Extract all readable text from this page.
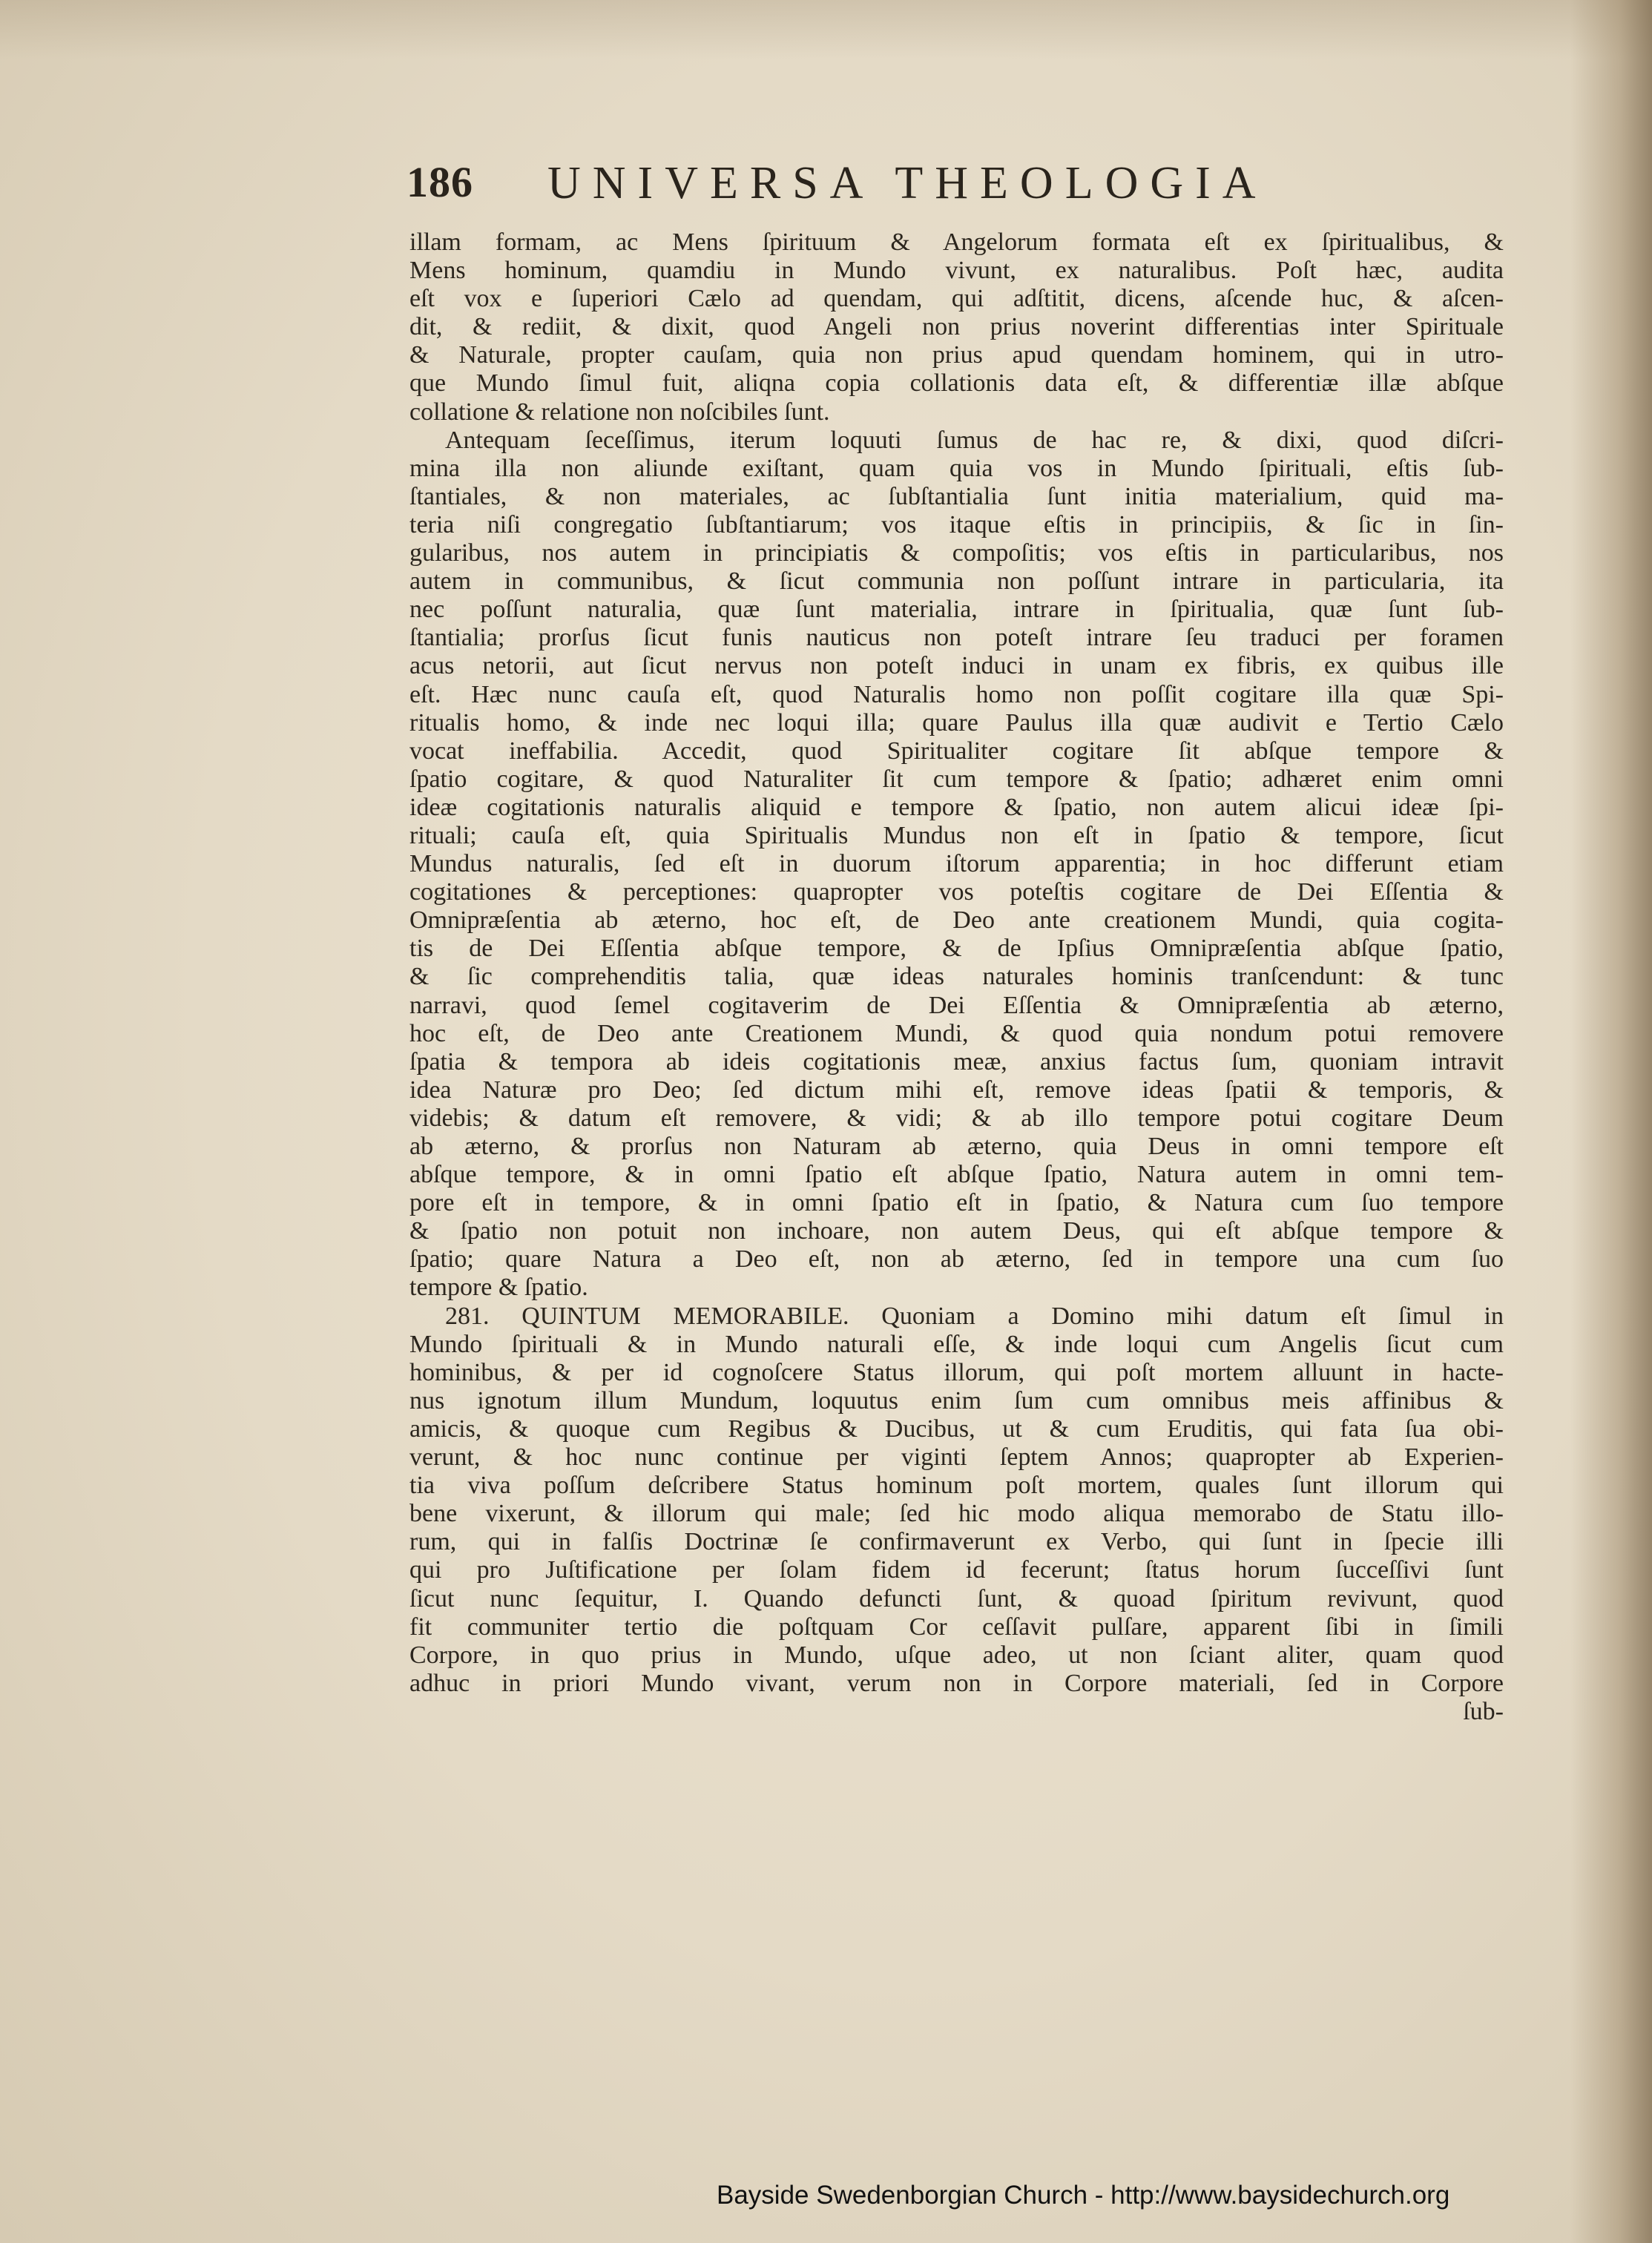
186 UNIVERSA THEOLOGIA
illam formam, ac Mens ſpirituum & Angelorum formata eſt ex ſpiritualibus, &
Mens hominum, quamdiu in Mundo vivunt, ex naturalibus. Poſt hæc, audita
eſt vox e ſuperiori Cælo ad quendam, qui adſtitit, dicens, aſcende huc, & aſcen-
dit, & rediit, & dixit, quod Angeli non prius noverint differentias inter Spirituale
& Naturale, propter cauſam, quia non prius apud quendam hominem, qui in utro-
que Mundo ſimul fuit, aliqna copia collationis data eſt, & differentiæ illæ abſque
collatione & relatione non noſcibiles ſunt.
Antequam ſeceſſimus, iterum loquuti ſumus de hac re, & dixi, quod diſcri-
mina illa non aliunde exiſtant, quam quia vos in Mundo ſpirituali, eſtis ſub-
ſtantiales, & non materiales, ac ſubſtantialia ſunt initia materialium, quid ma-
teria niſi congregatio ſubſtantiarum; vos itaque eſtis in principiis, & ſic in ſin-
gularibus, nos autem in principiatis & compoſitis; vos eſtis in particularibus, nos
autem in communibus, & ſicut communia non poſſunt intrare in particularia, ita
nec poſſunt naturalia, quæ ſunt materialia, intrare in ſpiritualia, quæ ſunt ſub-
ſtantialia; prorſus ſicut funis nauticus non poteſt intrare ſeu traduci per foramen
acus netorii, aut ſicut nervus non poteſt induci in unam ex fibris, ex quibus ille
eſt. Hæc nunc cauſa eſt, quod Naturalis homo non poſſit cogitare illa quæ Spi-
ritualis homo, & inde nec loqui illa; quare Paulus illa quæ audivit e Tertio Cælo
vocat ineffabilia. Accedit, quod Spiritualiter cogitare ſit abſque tempore &
ſpatio cogitare, & quod Naturaliter ſit cum tempore & ſpatio; adhæret enim omni
ideæ cogitationis naturalis aliquid e tempore & ſpatio, non autem alicui ideæ ſpi-
rituali; cauſa eſt, quia Spiritualis Mundus non eſt in ſpatio & tempore, ſicut
Mundus naturalis, ſed eſt in duorum iſtorum apparentia; in hoc differunt etiam
cogitationes & perceptiones: quapropter vos poteſtis cogitare de Dei Eſſentia &
Omnipræſentia ab æterno, hoc eſt, de Deo ante creationem Mundi, quia cogita-
tis de Dei Eſſentia abſque tempore, & de Ipſius Omnipræſentia abſque ſpatio,
& ſic comprehenditis talia, quæ ideas naturales hominis tranſcendunt: & tunc
narravi, quod ſemel cogitaverim de Dei Eſſentia & Omnipræſentia ab æterno,
hoc eſt, de Deo ante Creationem Mundi, & quod quia nondum potui removere
ſpatia & tempora ab ideis cogitationis meæ, anxius factus ſum, quoniam intravit
idea Naturæ pro Deo; ſed dictum mihi eſt, remove ideas ſpatii & temporis, &
videbis; & datum eſt removere, & vidi; & ab illo tempore potui cogitare Deum
ab æterno, & prorſus non Naturam ab æterno, quia Deus in omni tempore eſt
abſque tempore, & in omni ſpatio eſt abſque ſpatio, Natura autem in omni tem-
pore eſt in tempore, & in omni ſpatio eſt in ſpatio, & Natura cum ſuo tempore
& ſpatio non potuit non inchoare, non autem Deus, qui eſt abſque tempore &
ſpatio; quare Natura a Deo eſt, non ab æterno, ſed in tempore una cum ſuo
tempore & ſpatio.
281. QUINTUM MEMORABILE. Quoniam a Domino mihi datum eſt ſimul in
Mundo ſpirituali & in Mundo naturali eſſe, & inde loqui cum Angelis ſicut cum
hominibus, & per id cognoſcere Status illorum, qui poſt mortem alluunt in hacte-
nus ignotum illum Mundum, loquutus enim ſum cum omnibus meis affinibus &
amicis, & quoque cum Regibus & Ducibus, ut & cum Eruditis, qui fata ſua obi-
verunt, & hoc nunc continue per viginti ſeptem Annos; quapropter ab Experien-
tia viva poſſum deſcribere Status hominum poſt mortem, quales ſunt illorum qui
bene vixerunt, & illorum qui male; ſed hic modo aliqua memorabo de Statu illo-
rum, qui in falſis Doctrinæ ſe confirmaverunt ex Verbo, qui ſunt in ſpecie illi
qui pro Juſtificatione per ſolam fidem id fecerunt; ſtatus horum ſucceſſivi ſunt
ſicut nunc ſequitur, I. Quando defuncti ſunt, & quoad ſpiritum revivunt, quod
fit communiter tertio die poſtquam Cor ceſſavit pulſare, apparent ſibi in ſimili
Corpore, in quo prius in Mundo, uſque adeo, ut non ſciant aliter, quam quod
adhuc in priori Mundo vivant, verum non in Corpore materiali, ſed in Corpore
ſub-
Bayside Swedenborgian Church - http://www.baysidechurch.org
